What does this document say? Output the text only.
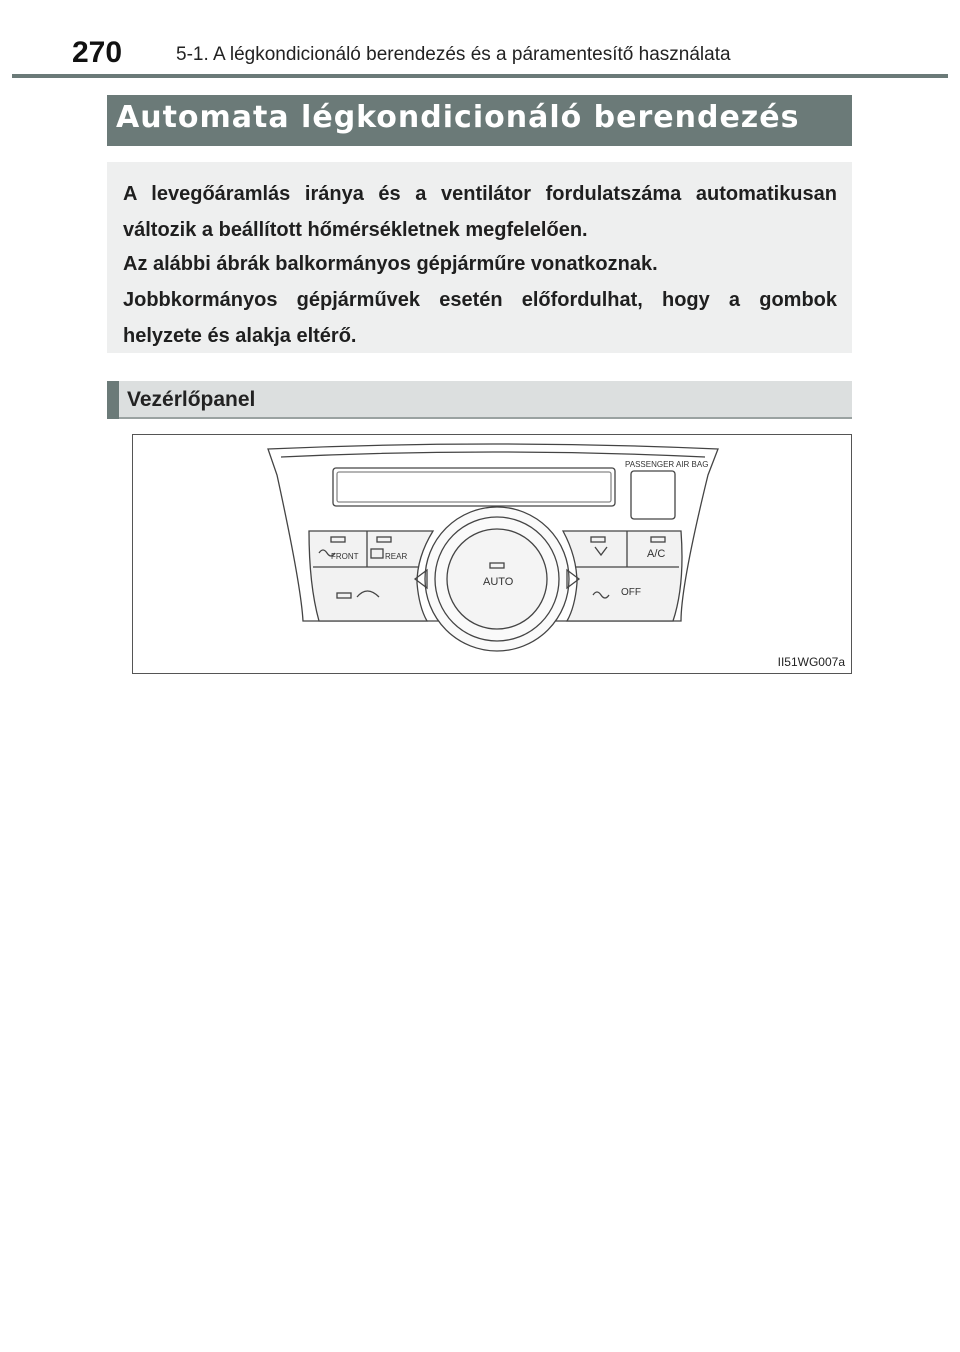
270	5-1. A légkondicionáló berendezés és a páramentesítő használata
Automata légkondicionáló berendezés

A levegőáramlás iránya és a ventilátor fordulatszáma automatikusan változik a beállított hőmérsékletnek megfelelően.

Az alábbi ábrák balkormányos gépjárműre vonatkoznak.

Jobbkormányos gépjárművek esetén előfordulhat, hogy a gombok helyzete és alakja eltérő.

Vezérlőpanel
PASSENGER AIR BAG
FRONT	REAR
AUTO
A/C
OFF
II51WG007a
